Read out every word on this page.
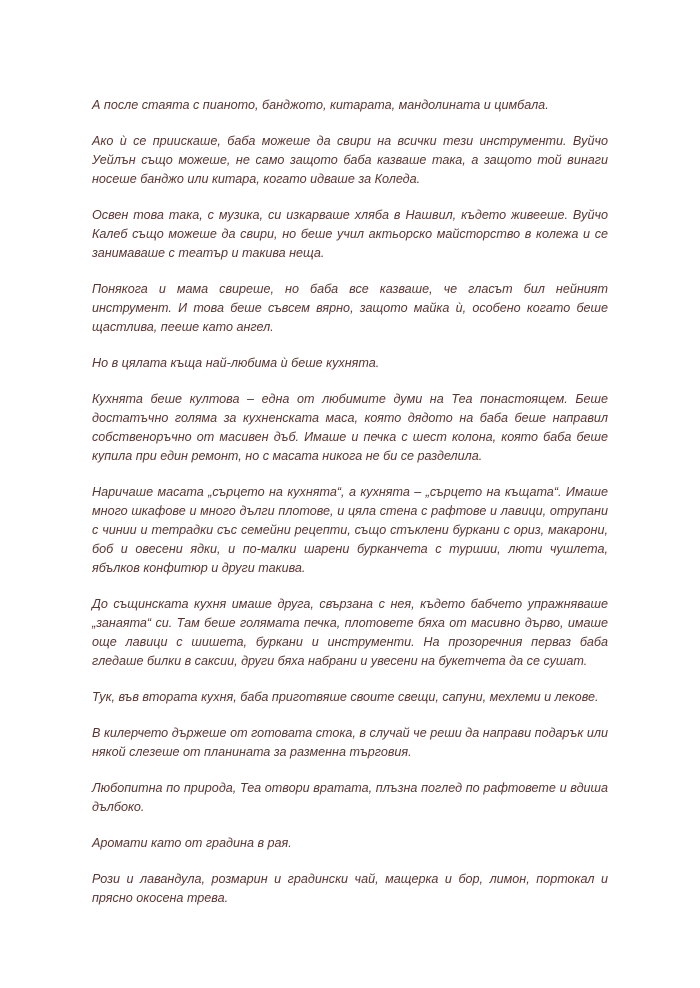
А после стаята с пианото, банджото, китарата, мандолината и цимбала.

Ако ѝ се приискаше, баба можеше да свири на всички тези инструменти. Вуйчо Уейлън също можеше, не само защото баба казваше така, а защото той винаги носеше банджо или китара, когато идваше за Коледа.

Освен това така, с музика, си изкарваше хляба в Нашвил, където живееше. Вуйчо Калеб също можеше да свири, но беше учил актьорско майсторство в колежа и се занимаваше с театър и такива неща.

Понякога и мама свиреше, но баба все казваше, че гласът бил нейният инструмент. И това беше съвсем вярно, защото майка ѝ, особено когато беше щастлива, пееше като ангел.

Но в цялата къща най-любима ѝ беше кухнята.

Кухнята беше култова – една от любимите думи на Теа понастоящем. Беше достатъчно голяма за кухненската маса, която дядото на баба беше направил собственоръчно от масивен дъб. Имаше и печка с шест колона, която баба беше купила при един ремонт, но с масата никога не би се разделила.

Наричаше масата „сърцето на кухнята“, а кухнята – „сърцето на къщата“. Имаше много шкафове и много дълги плотове, и цяла стена с рафтове и лавици, отрупани с чинии и тетрадки със семейни рецепти, също стъклени буркани с ориз, макарони, боб и овесени ядки, и по-малки шарени бурканчета с туршии, люти чушлета, ябълков конфитюр и други такива.

До същинската кухня имаше друга, свързана с нея, където бабчето упражняваше „занаята“ си. Там беше голямата печка, плотовете бяха от масивно дърво, имаше още лавици с шишета, буркани и инструменти. На прозоречния перваз баба гледаше билки в саксии, други бяха набрани и увесени на букетчета да се сушат.

Тук, във втората кухня, баба приготвяше своите свещи, сапуни, мехлеми и лекове.

В килерчето държеше от готовата стока, в случай че реши да направи подарък или някой слезеше от планината за разменна търговия.

Любопитна по природа, Теа отвори вратата, плъзна поглед по рафтовете и вдиша дълбоко.

Аромати като от градина в рая.

Рози и лавандула, розмарин и градински чай, мащерка и бор, лимон, портокал и прясно окосена трева.
